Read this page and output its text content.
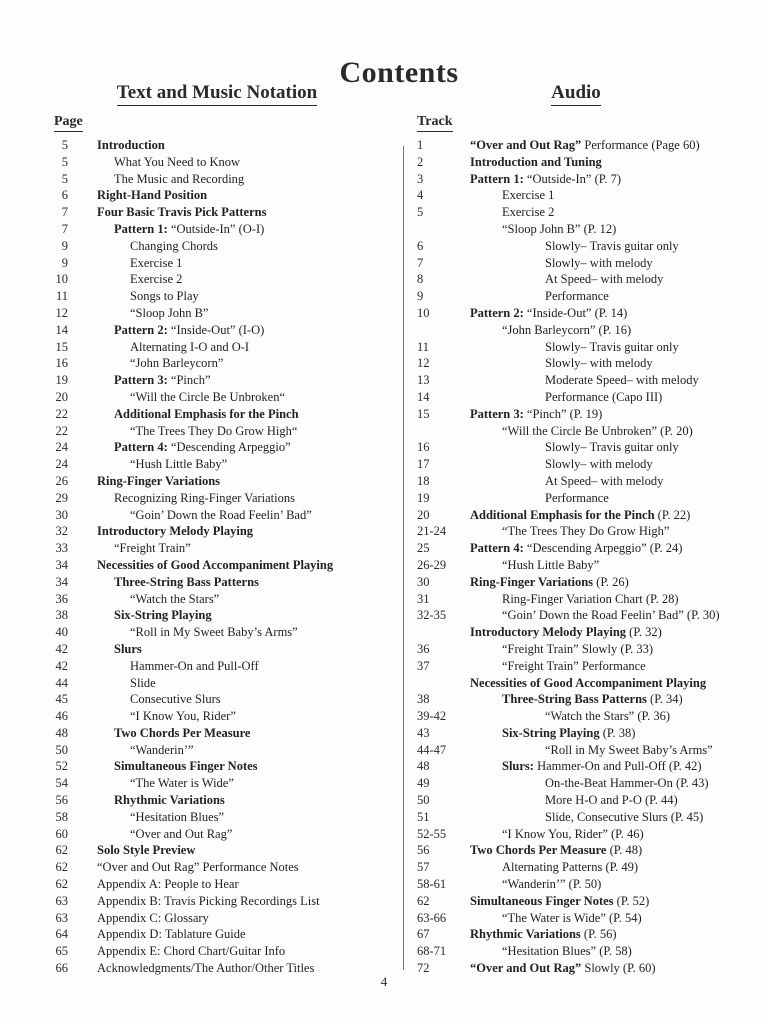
Contents
Text and Music Notation	Audio
Page	Track
5	Introduction
5	What You Need to Know
5	The Music and Recording
6	Right-Hand Position
7	Four Basic Travis Pick Patterns
7	Pattern 1: “Outside-In” (O-I)
9	Changing Chords
9	Exercise 1
10	Exercise 2
11	Songs to Play
12	“Sloop John B”
14	Pattern 2: “Inside-Out” (I-O)
15	Alternating I-O and O-I
16	“John Barleycorn”
19	Pattern 3: “Pinch”
20	“Will the Circle Be Unbroken“
22	Additional Emphasis for the Pinch
22	“The Trees They Do Grow High“
24	Pattern 4: “Descending Arpeggio”
24	“Hush Little Baby”
26	Ring-Finger Variations
29	Recognizing Ring-Finger Variations
30	“Goin’ Down the Road Feelin’ Bad”
32	Introductory Melody Playing
33	“Freight Train”
34	Necessities of Good Accompaniment Playing
34	Three-String Bass Patterns
36	“Watch the Stars”
38	Six-String Playing
40	“Roll in My Sweet Baby’s Arms”
42	Slurs
42	Hammer-On and Pull-Off
44	Slide
45	Consecutive Slurs
46	“I Know You, Rider”
48	Two Chords Per Measure
50	“Wanderin’”
52	Simultaneous Finger Notes
54	“The Water is Wide”
56	Rhythmic Variations
58	“Hesitation Blues”
60	“Over and Out Rag”
62	Solo Style Preview
62	“Over and Out Rag” Performance Notes
62	Appendix A: People to Hear
63	Appendix B: Travis Picking Recordings List
63	Appendix C: Glossary
64	Appendix D: Tablature Guide
65	Appendix E: Chord Chart/Guitar Info
66	Acknowledgments/The Author/Other Titles
1	“Over and Out Rag” Performance (Page 60)
2	Introduction and Tuning
3	Pattern 1: “Outside-In” (P. 7)
4	Exercise 1
5	Exercise 2
“Sloop John B” (P. 12)
6	Slowly– Travis guitar only
7	Slowly– with melody
8	At Speed– with melody
9	Performance
10	Pattern 2: “Inside-Out” (P. 14)
“John Barleycorn” (P. 16)
11	Slowly– Travis guitar only
12	Slowly– with melody
13	Moderate Speed– with melody
14	Performance (Capo III)
15	Pattern 3: “Pinch” (P. 19)
“Will the Circle Be Unbroken” (P. 20)
16	Slowly– Travis guitar only
17	Slowly– with melody
18	At Speed– with melody
19	Performance
20	Additional Emphasis for the Pinch (P. 22)
21-24	“The Trees They Do Grow High”
25	Pattern 4: “Descending Arpeggio” (P. 24)
26-29	“Hush Little Baby”
30	Ring-Finger Variations (P. 26)
31	Ring-Finger Variation Chart (P. 28)
32-35	“Goin’ Down the Road Feelin’ Bad” (P. 30)
Introductory Melody Playing (P. 32)
36	“Freight Train” Slowly (P. 33)
37	“Freight Train” Performance
Necessities of Good Accompaniment Playing
38	Three-String Bass Patterns (P. 34)
39-42	“Watch the Stars” (P. 36)
43	Six-String Playing (P. 38)
44-47	“Roll in My Sweet Baby’s Arms”
48	Slurs: Hammer-On and Pull-Off (P. 42)
49	On-the-Beat Hammer-On (P. 43)
50	More H-O and P-O (P. 44)
51	Slide, Consecutive Slurs (P. 45)
52-55	“I Know You, Rider” (P. 46)
56	Two Chords Per Measure (P. 48)
57	Alternating Patterns (P. 49)
58-61	“Wanderin’” (P. 50)
62	Simultaneous Finger Notes (P. 52)
63-66	“The Water is Wide” (P. 54)
67	Rhythmic Variations (P. 56)
68-71	“Hesitation Blues” (P. 58)
72	“Over and Out Rag” Slowly (P. 60)
4
